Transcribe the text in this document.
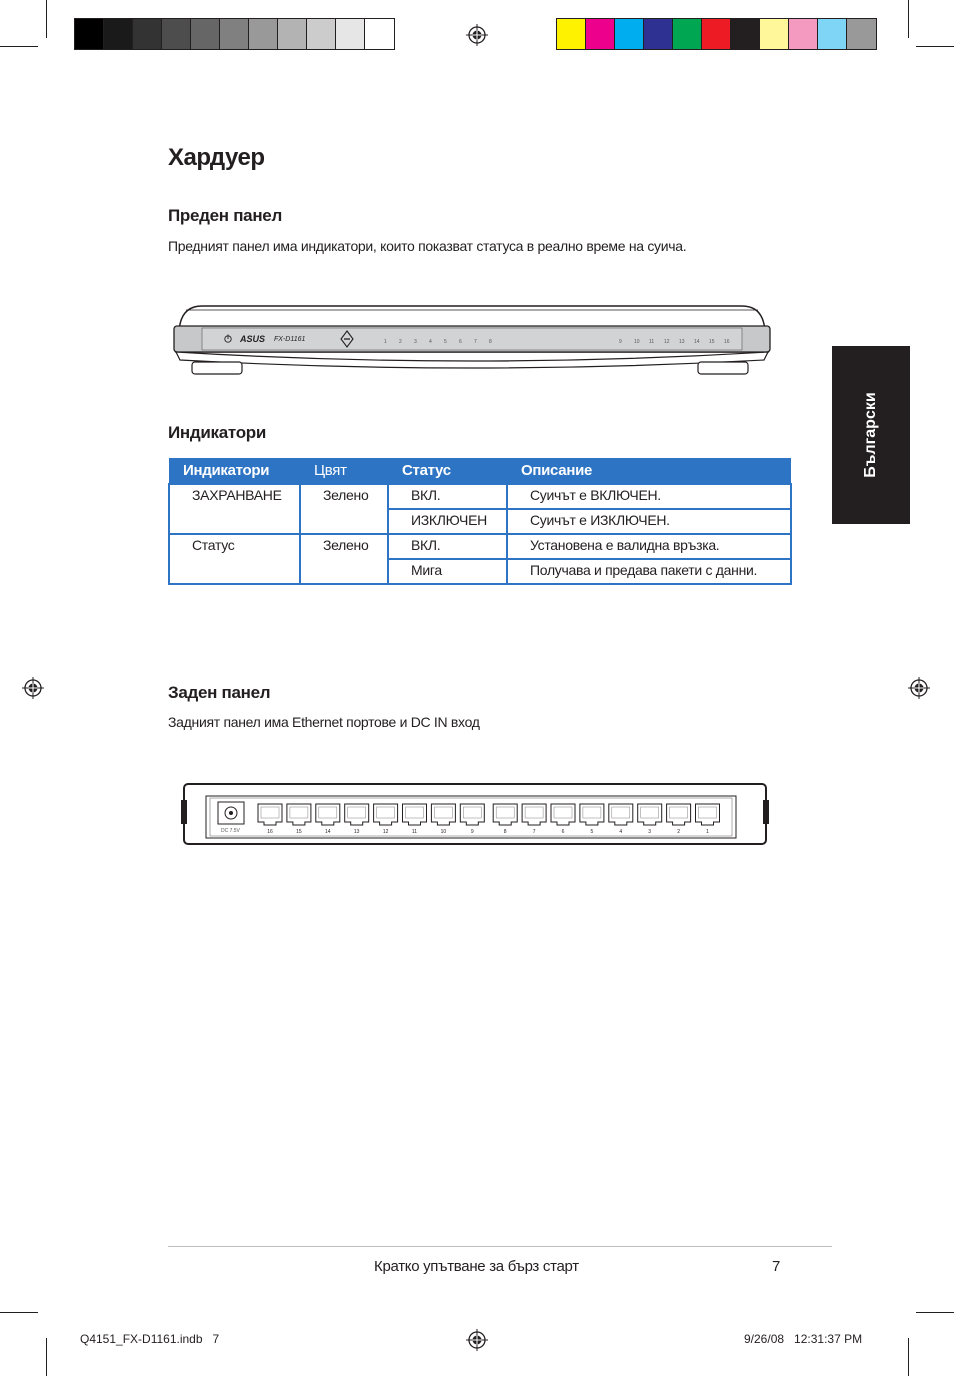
Хардуер
Български
Преден панел
Предният панел има индикатори, които показват статуса в реално време на суича.
ASUS FX-D1161	1 2 3 4 5 6 7 8	9 10 11 12 13 14 15 16
Индикатори
Индикатори	Цвят	Статус	Описание
ЗАХРАНВАНЕ	Зелено	ВКЛ.	Суичът е ВКЛЮЧЕН.
		ИЗКЛЮЧЕН	Суичът е ИЗКЛЮЧЕН.
Статус	Зелено	ВКЛ.	Установена е валидна връзка.
		Мига	Получава и предава пакети с данни.
Заден панел
Задният панел има Ethernet портове и DC IN вход
DC 7.5V	16	15	14	13	12	11	10	9	8	7	6	5	4	3	2	1
Кратко упътване за бърз старт	7
Q4151_FX-D1161.indb   7	9/26/08   12:31:37 PM
